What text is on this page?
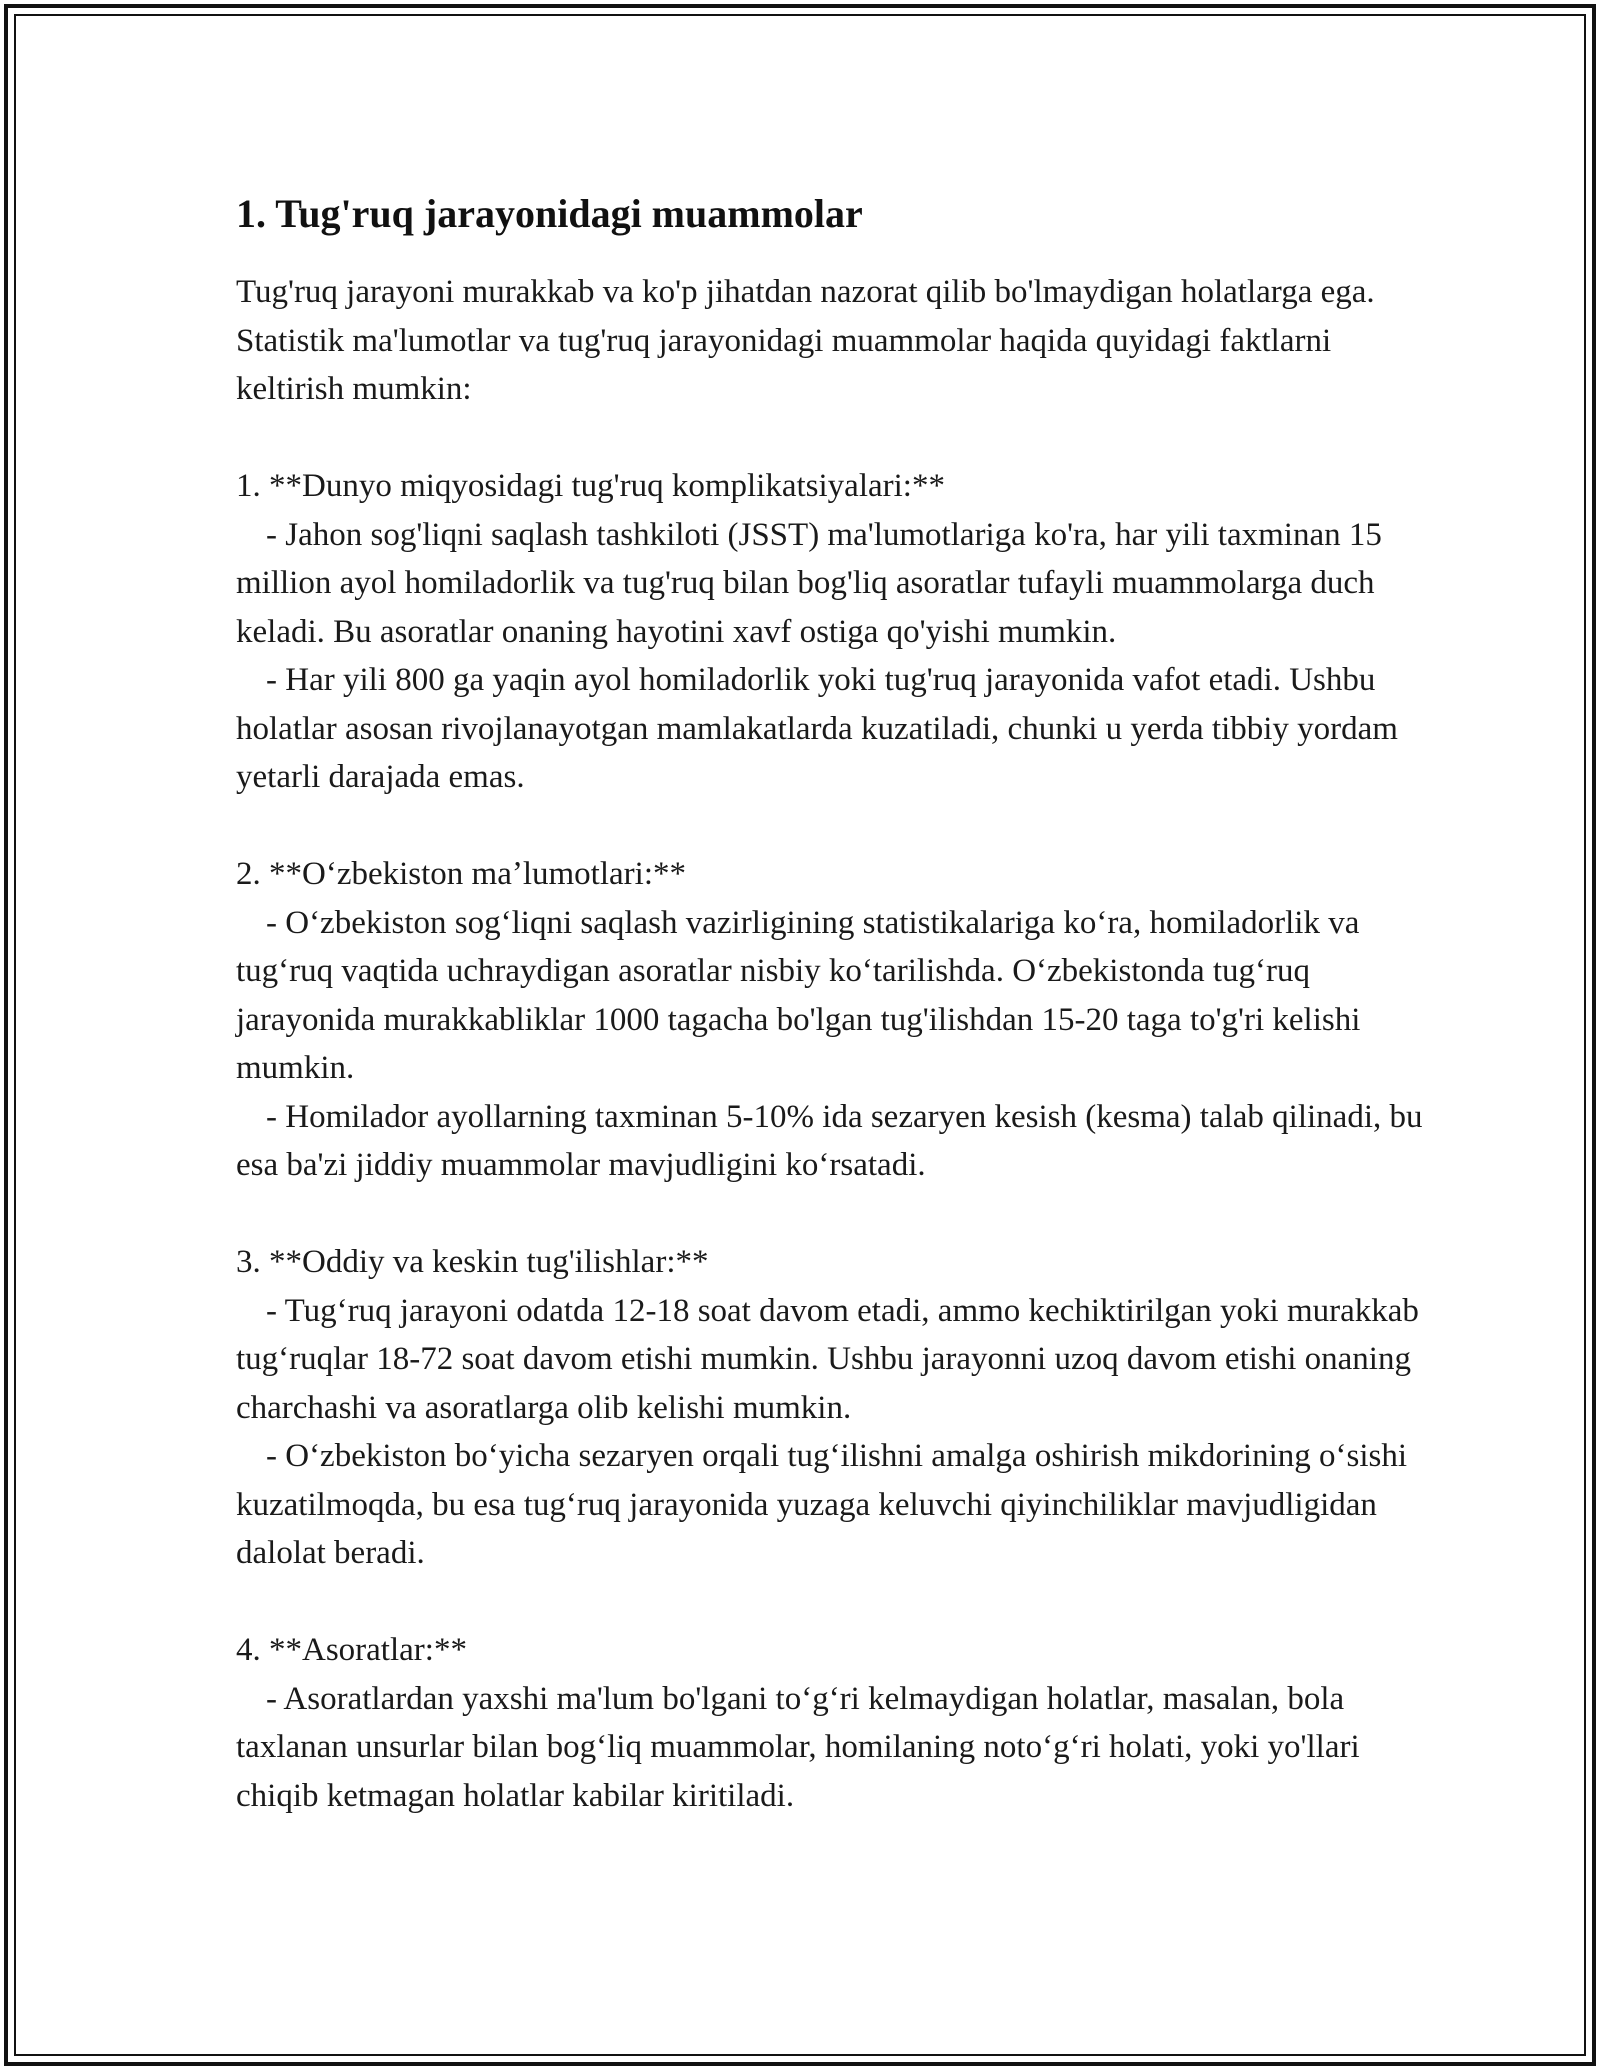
1. Tug'ruq jarayonidagi muammolar

Tug'ruq jarayoni murakkab va ko'p jihatdan nazorat qilib bo'lmaydigan holatlarga ega. Statistik ma'lumotlar va tug'ruq jarayonidagi muammolar haqida quyidagi faktlarni keltirish mumkin:

1. **Dunyo miqyosidagi tug'ruq komplikatsiyalari:**

- Jahon sog'liqni saqlash tashkiloti (JSST) ma'lumotlariga ko'ra, har yili taxminan 15 million ayol homiladorlik va tug'ruq bilan bog'liq asoratlar tufayli muammolarga duch keladi. Bu asoratlar onaning hayotini xavf ostiga qo'yishi mumkin.

- Har yili 800 ga yaqin ayol homiladorlik yoki tug'ruq jarayonida vafot etadi. Ushbu holatlar asosan rivojlanayotgan mamlakatlarda kuzatiladi, chunki u yerda tibbiy yordam yetarli darajada emas.

2. **Oʻzbekiston maʼlumotlari:**

- Oʻzbekiston sogʻliqni saqlash vazirligining statistikalariga koʻra, homiladorlik va tugʻruq vaqtida uchraydigan asoratlar nisbiy koʻtarilishda. Oʻzbekistonda tugʻruq jarayonida murakkabliklar 1000 tagacha bo'lgan tug'ilishdan 15-20 taga to'g'ri kelishi mumkin.

- Homilador ayollarning taxminan 5-10% ida sezaryen kesish (kesma) talab qilinadi, bu esa ba'zi jiddiy muammolar mavjudligini koʻrsatadi.

3. **Oddiy va keskin tug'ilishlar:**

- Tugʻruq jarayoni odatda 12-18 soat davom etadi, ammo kechiktirilgan yoki murakkab tugʻruqlar 18-72 soat davom etishi mumkin. Ushbu jarayonni uzoq davom etishi onaning charchashi va asoratlarga olib kelishi mumkin.

- Oʻzbekiston boʻyicha sezaryen orqali tugʻilishni amalga oshirish mikdorining oʻsishi kuzatilmoqda, bu esa tugʻruq jarayonida yuzaga keluvchi qiyinchiliklar mavjudligidan dalolat beradi.

4. **Asoratlar:**

- Asoratlardan yaxshi ma'lum bo'lgani toʻgʻri kelmaydigan holatlar, masalan, bola taxlanan unsurlar bilan bogʻliq muammolar, homilaning notoʻgʻri holati, yoki yo'llari chiqib ketmagan holatlar kabilar kiritiladi.
